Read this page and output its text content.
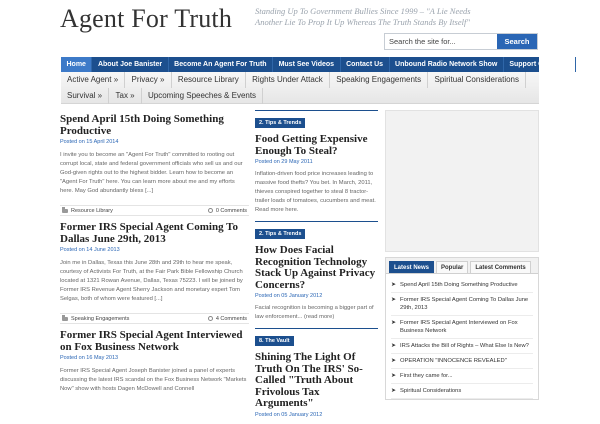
Agent For Truth	Standing Up To Government Bullies Since 1999 – "A Lie Needs Another Lie To Prop It Up Whereas The Truth Stands By Itself"
Search the site for...
Search
Home	About Joe Banister	Become An Agent For Truth	Must See Videos	Contact Us	Unbound Radio Network Show	Support Our Work
Active Agent »	Privacy »	Resource Library	Rights Under Attack	Speaking Engagements	Spiritual Considerations
Survival »	Tax »	Upcoming Speeches & Events
Spend April 15th Doing Something Productive
Posted on 15 April 2014
I invite you to become an "Agent For Truth" committed to rooting out corrupt local, state and federal government officials who sell us and our God-given rights out to the highest bidder. Learn how to become an "Agent For Truth" here. You can learn more about me and my efforts here. May God abundantly bless [...]
Resource Library	0 Comments
Former IRS Special Agent Coming To Dallas June 29th, 2013
Posted on 14 June 2013
Join me in Dallas, Texas this June 28th and 29th to hear me speak, courtesy of Activists For Truth, at the Fair Park Bible Fellowship Church located at 1321 Rowan Avenue, Dallas, Texas 75223. I will be joined by Former IRS Revenue Agent Sherry Jackson and monetary expert Tom Selgas, both of whom were featured [...]
Speaking Engagements	4 Comments
Former IRS Special Agent Interviewed on Fox Business Network
Posted on 16 May 2013
Former IRS Special Agent Joseph Banister joined a panel of experts discussing the latest IRS scandal on the Fox Business Network "Markets Now" show with hosts Dagen McDowell and Connell
2. Tips & Trends
Food Getting Expensive Enough To Steal?
Posted on 29 May 2011
Inflation-driven food price increases leading to massive food thefts? You bet. In March, 2011, thieves conspired together to steal 8 tractor-trailer loads of tomatoes, cucumbers and meat. Read more here.
2. Tips & Trends
How Does Facial Recognition Technology Stack Up Against Privacy Concerns?
Posted on 05 January 2012
Facial recognition is becoming a bigger part of law enforcement... (read more)
8. The Vault
Shining The Light Of Truth On The IRS' So-Called "Truth About Frivolous Tax Arguments"
Posted on 05 January 2012
Latest News	Popular	Latest Comments
➤ Spend April 15th Doing Something Productive
➤ Former IRS Special Agent Coming To Dallas June 29th, 2013
➤ Former IRS Special Agent Interviewed on Fox Business Network
➤ IRS Attacks the Bill of Rights – What Else Is New?
➤ OPERATION "INNOCENCE REVEALED"
➤ First they came for...
➤ Spiritual Considerations
